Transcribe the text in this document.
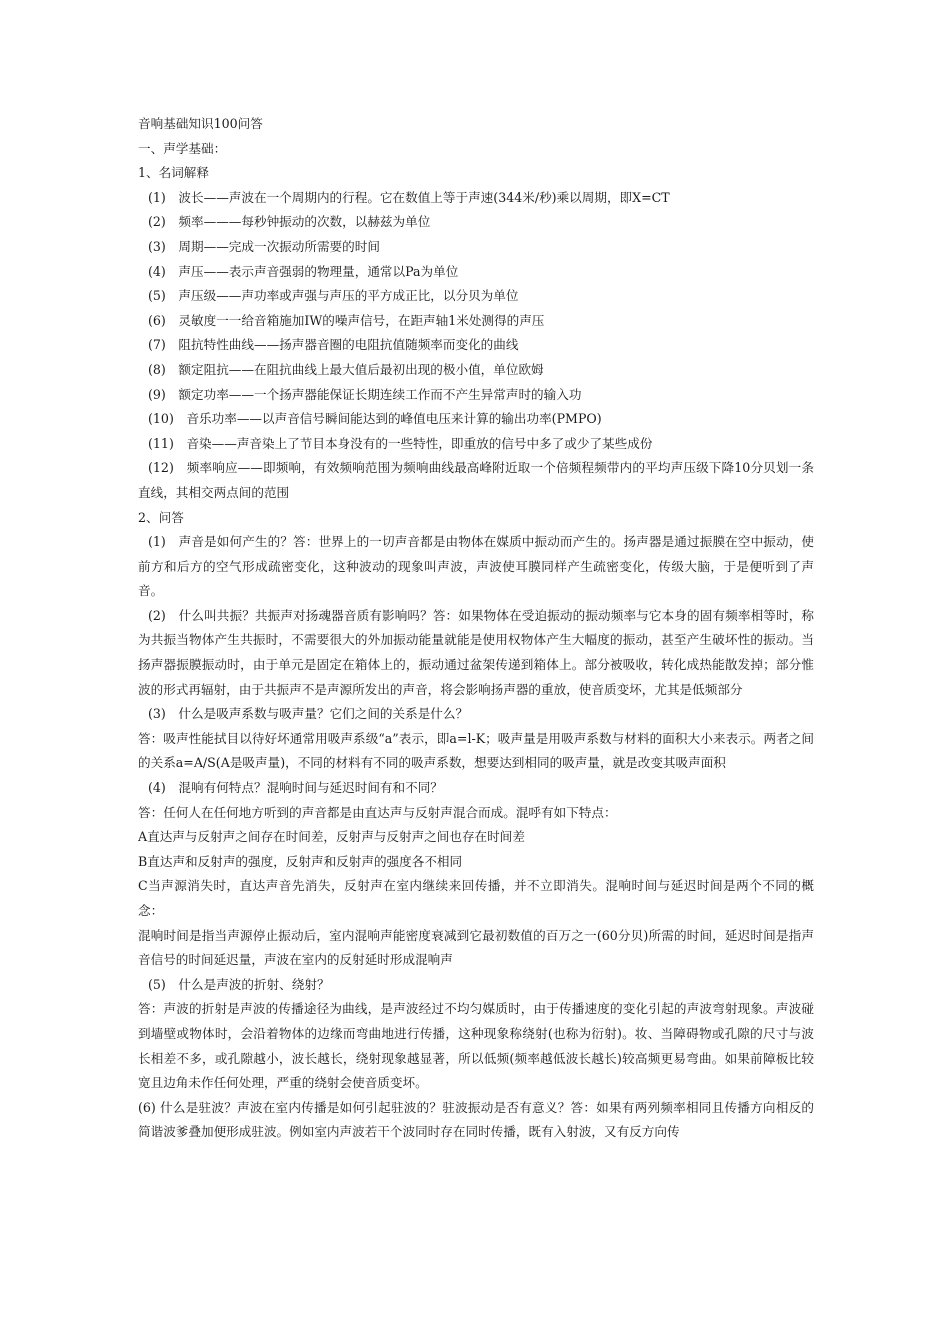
音响基础知识100问答
一、声学基础：
1、名词解释
(1)　波长——声波在一个周期内的行程。它在数值上等于声速(344米/秒)乘以周期，即X=CT
(2)　频率———每秒钟振动的次数，以赫兹为单位
(3)　周期——完成一次振动所需要的时间
(4)　声压——表示声音强弱的物理量，通常以Pa为单位
(5)　声压级——声功率或声强与声压的平方成正比，以分贝为单位
(6)　灵敏度一一给音箱施加IW的噪声信号，在距声轴1米处测得的声压
(7)　阻抗特性曲线——扬声器音圈的电阻抗值随频率而变化的曲线
(8)　额定阻抗——在阻抗曲线上最大值后最初出现的极小值，单位欧姆
(9)　额定功率——一个扬声器能保证长期连续工作而不产生异常声时的输入功
(10)　音乐功率——以声音信号瞬间能达到的峰值电压来计算的输出功率(PMPO)
(11)　音染——声音染上了节目本身没有的一些特性，即重放的信号中多了或少了某些成份
(12)　频率响应——即频响，有效频响范围为频响曲线最高峰附近取一个倍频程频带内的平均声压级下降10分贝划一条直线，其相交两点间的范围
2、问答
(1)　声音是如何产生的？答：世界上的一切声音都是由物体在媒质中振动而产生的。扬声器是通过振膜在空中振动，使前方和后方的空气形成疏密变化，这种波动的现象叫声波，声波使耳膜同样产生疏密变化，传级大脑，于是便听到了声音。
(2)　什么叫共振？共振声对扬魂器音质有影响吗？答：如果物体在受迫振动的振动频率与它本身的固有频率相等时，称为共振当物体产生共振时，不需要很大的外加振动能量就能是使用权物体产生大幅度的振动，甚至产生破坏性的振动。当扬声器振膜振动时，由于单元是固定在箱体上的，振动通过盆架传递到箱体上。部分被吸收，转化成热能散发掉；部分惟波的形式再辐射，由于共振声不是声源所发出的声音，将会影响扬声器的重放，使音质变坏，尤其是低频部分
(3)　什么是吸声系数与吸声量？它们之间的关系是什么？
答：吸声性能拭目以待好坏通常用吸声系级“a”表示，即a=l-K；吸声量是用吸声系数与材料的面积大小来表示。两者之间的关系a=A/S(A是吸声量)，不同的材料有不同的吸声系数，想要达到相同的吸声量，就是改变其吸声面积
(4)　混响有何特点？混响时间与延迟时间有和不同？
答：任何人在任何地方听到的声音都是由直达声与反射声混合而成。混呼有如下特点：
A直达声与反射声之间存在时间差，反射声与反射声之间也存在时间差
B直达声和反射声的强度，反射声和反射声的强度各不相同
C当声源消失时，直达声音先消失，反射声在室内继续来回传播，并不立即消失。混响时间与延迟时间是两个不同的概念：
混响时间是指当声源停止振动后，室内混响声能密度衰减到它最初数值的百万之一(60分贝)所需的时间，延迟时间是指声音信号的时间延迟量，声波在室内的反射延时形成混响声
(5)　什么是声波的折射、绕射？
答：声波的折射是声波的传播途径为曲线，是声波经过不均匀媒质时，由于传播速度的变化引起的声波弯射现象。声波碰到墙壁或物体时，会沿着物体的边缘而弯曲地进行传播，这种现象称绕射(也称为衍射)。妆、当障碍物或孔隙的尺寸与波长相差不多，或孔隙越小，波长越长，绕射现象越显著，所以低频(频率越低波长越长)较高频更易弯曲。如果前障板比较宽且边角未作任何处理，严重的绕射会使音质变坏。
(6) 什么是驻波？声波在室内传播是如何引起驻波的？驻波振动是否有意义？答：如果有两列频率相同且传播方向相反的简谐波爹叠加便形成驻波。例如室内声波若干个波同时存在同时传播，既有入射波，又有反方向传
